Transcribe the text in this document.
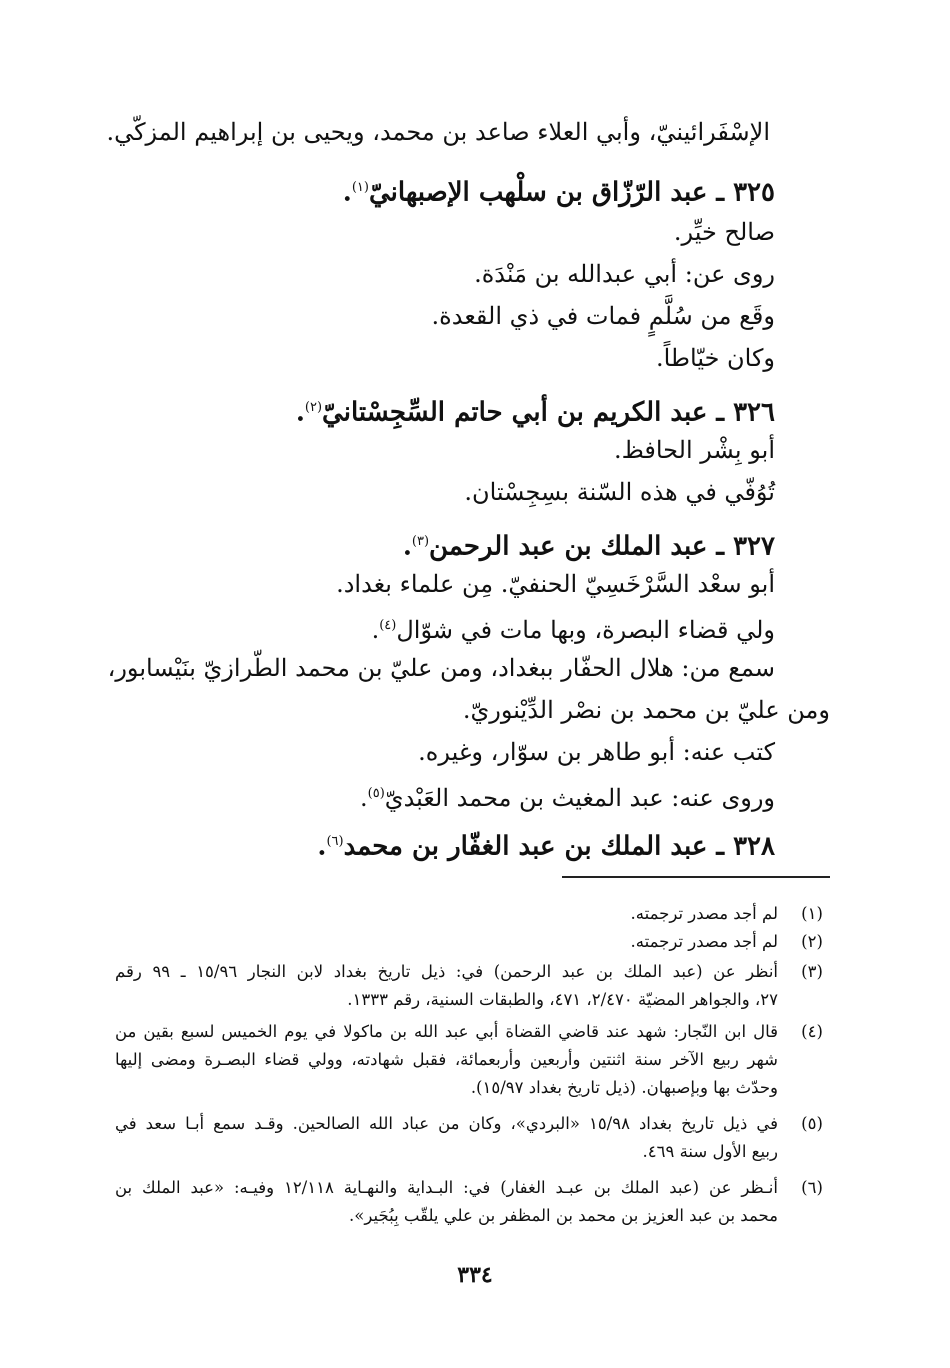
الإسْفَرائينيّ، وأبي العلاء صاعد بن محمد، ويحيى بن إبراهيم المزكّي.
٣٢٥ ـ عبد الرّزّاق بن سلْهب الإصبهانيّ$^{(١)}$.
صالح خيِّر.
روى عن: أبي عبدالله بن مَنْدَة.
وقَع من سُلَّمٍ فمات في ذي القعدة.
وكان خيّاطاً.
٣٢٦ ـ عبد الكريم بن أبي حاتم السِّجِسْتانيّ$^{(٢)}$.
أبو بِشْر الحافظ.
تُوُفّي في هذه السّنة بسِجِسْتان.
٣٢٧ ـ عبد الملك بن عبد الرحمن$^{(٣)}$.
أبو سعْد السَّرْخَسِيّ الحنفيّ. مِن علماء بغداد.
ولي قضاء البصرة، وبها مات في شوّال$^{(٤)}$.
سمع من: هلال الحفّار ببغداد، ومن عليّ بن محمد الطّرازيّ بنَيْسابور،
ومن عليّ بن محمد بن نصْر الدِّيْنوريّ.
كتب عنه: أبو طاهر بن سوّار، وغيره.
وروى عنه: عبد المغيث بن محمد العَبْديّ$^{(٥)}$.
٣٢٨ ـ عبد الملك بن عبد الغفّار بن محمد$^{(٦)}$.
(١)
لم أجد مصدر ترجمته.
(٢)
لم أجد مصدر ترجمته.
(٣)
أنظر عن (عبد الملك بن عبد الرحمن) في: ذيل تاريخ بغداد لابن النجار ١٥/٩٦ ـ ٩٩ رقم
٢٧، والجواهر المضيّة ٢/٤٧٠، ٤٧١، والطبقات السنية، رقم ١٣٣٣.
(٤)
قال ابن النّجار: شهد عند قاضي القضاة أبي عبد الله بن ماكولا في يوم الخميس لسبع بقين من
شهر ربيع الآخر سنة اثنتين وأربعين وأربعمائة، فقبل شهادته، وولي قضاء البصـرة ومضى إليها
وحدّث بها وبإصبهان. (ذيل تاريخ بغداد ١٥/٩٧).
(٥)
في ذيل تاريخ بغداد ١٥/٩٨ «البردي»، وكان من عباد الله الصالحين. وقـد سمع أبـا سعد في
ربيع الأول سنة ٤٦٩.
(٦)
أنـظر عن (عبد الملك بن عبـد الغفار) في: البـداية والنهـاية ١٢/١١٨ وفيـه: «عبد الملك بن
محمد بن عبد العزيز بن محمد بن المظفر بن علي يلقّب بِبُجَير».
٣٣٤
